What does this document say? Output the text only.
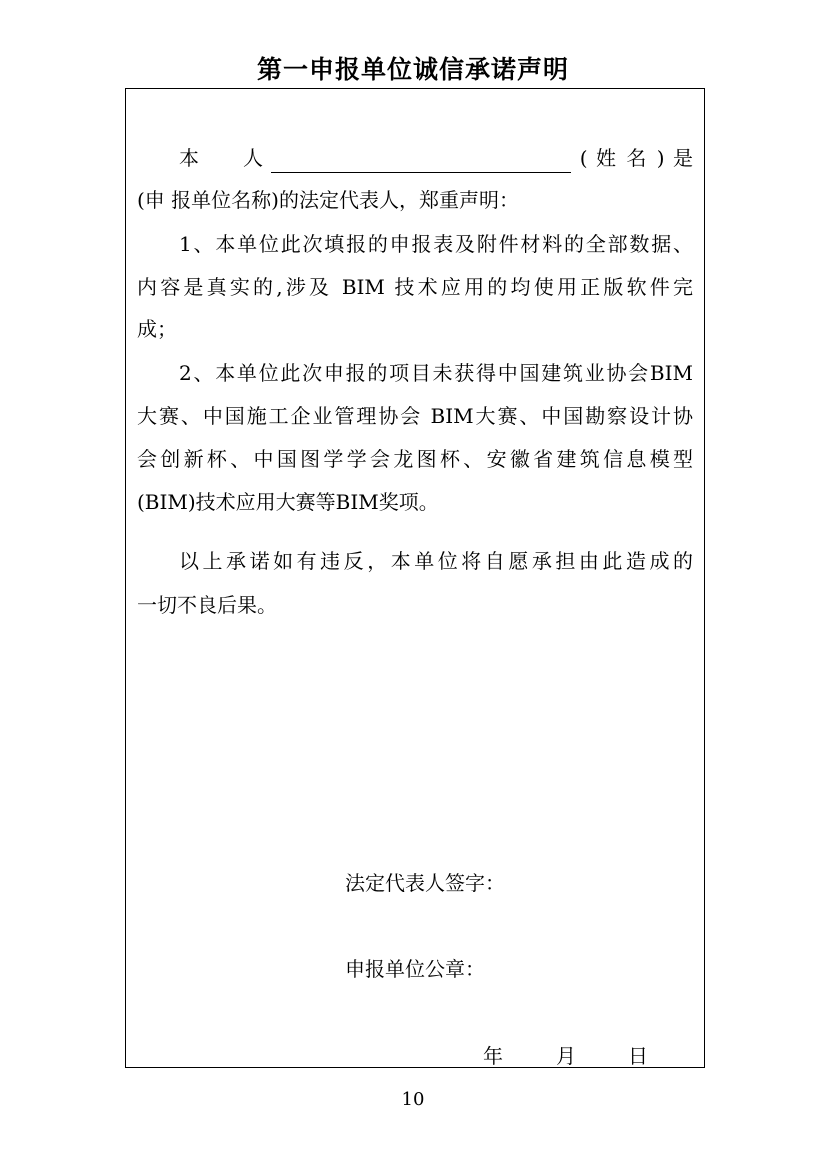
第一申报单位诚信承诺声明
本 人	( 姓 名 ) 是
(申 报单位名称)的法定代表人，郑重声明：
1、本单位此次填报的申报表及附件材料的全部数据、
内容是真实的,涉及 BIM 技术应用的均使用正版软件完
成；
2、本单位此次申报的项目未获得中国建筑业协会BIM
大赛、中国施工企业管理协会 BIM大赛、中国勘察设计协
会创新杯、中国图学学会龙图杯、安徽省建筑信息模型
(BIM)技术应用大赛等BIM奖项。
以上承诺如有违反，本单位将自愿承担由此造成的
一切不良后果。
法定代表人签字：
申报单位公章：
年	月	日
10
